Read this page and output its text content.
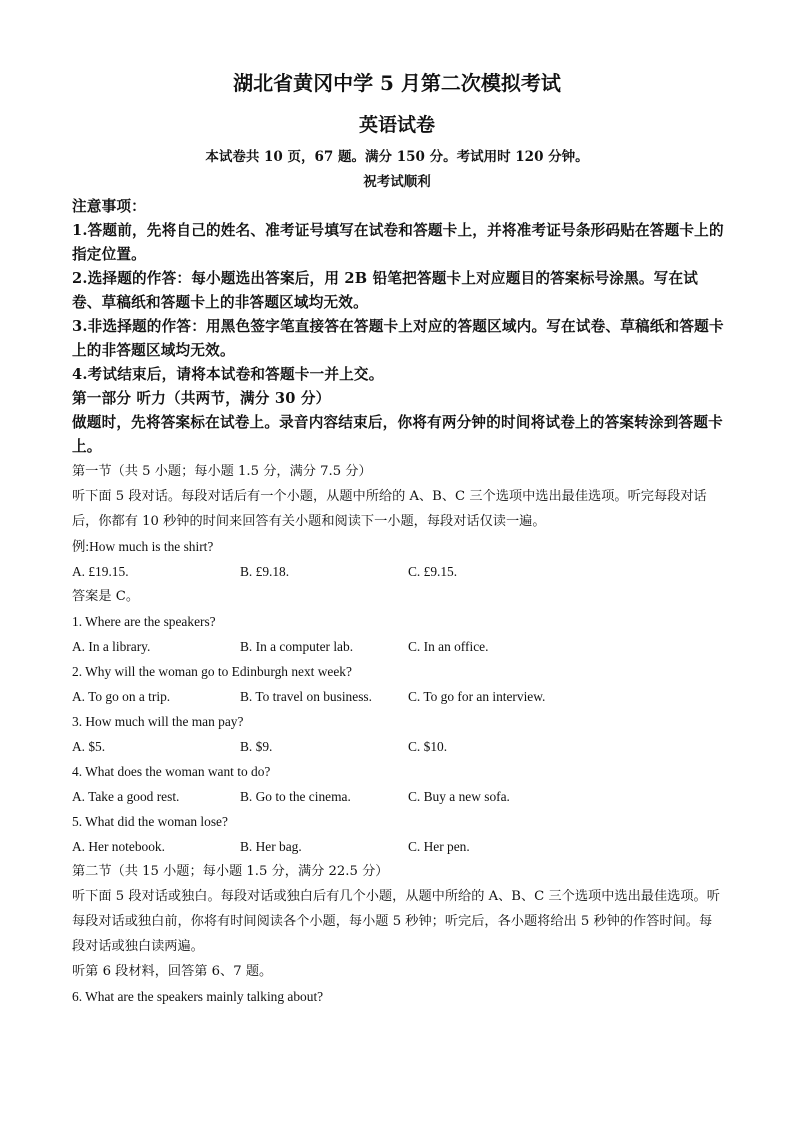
湖北省黄冈中学 5 月第二次模拟考试
英语试卷
本试卷共 10 页，67 题。满分 150 分。考试用时 120 分钟。
祝考试顺利

注意事项：

1.答题前，先将自己的姓名、准考证号填写在试卷和答题卡上，并将准考证号条形码贴在答题卡上的指定位置。

2.选择题的作答：每小题选出答案后，用 2B 铅笔把答题卡上对应题目的答案标号涂黑。写在试卷、草稿纸和答题卡上的非答题区域均无效。

3.非选择题的作答：用黑色签字笔直接答在答题卡上对应的答题区域内。写在试卷、草稿纸和答题卡上的非答题区域均无效。

4.考试结束后，请将本试卷和答题卡一并上交。

第一部分 听力（共两节，满分 30 分）

做题时，先将答案标在试卷上。录音内容结束后，你将有两分钟的时间将试卷上的答案转涂到答题卡上。

第一节（共 5 小题；每小题 1.5 分，满分 7.5 分）

听下面 5 段对话。每段对话后有一个小题，从题中所给的 A、B、C 三个选项中选出最佳选项。听完每段对话后，你都有 10 秒钟的时间来回答有关小题和阅读下一小题，每段对话仅读一遍。

例:How much is the shirt?

A. £19.15.	B. £9.18.	C. £9.15.

答案是 C。

1. Where are the speakers?

A. In a library.	B. In a computer lab.	C. In an office.

2. Why will the woman go to Edinburgh next week?

A. To go on a trip.	B. To travel on business.	C. To go for an interview.

3. How much will the man pay?

A. $5.	B. $9.	C. $10.

4. What does the woman want to do?

A. Take a good rest.	B. Go to the cinema.	C. Buy a new sofa.

5. What did the woman lose?

A. Her notebook.	B. Her bag.	C. Her pen.

第二节（共 15 小题；每小题 1.5 分，满分 22.5 分）

听下面 5 段对话或独白。每段对话或独白后有几个小题，从题中所给的 A、B、C 三个选项中选出最佳选项。听每段对话或独白前，你将有时间阅读各个小题，每小题 5 秒钟；听完后，各小题将给出 5 秒钟的作答时间。每段对话或独白读两遍。

听第 6 段材料，回答第 6、7 题。

6. What are the speakers mainly talking about?
